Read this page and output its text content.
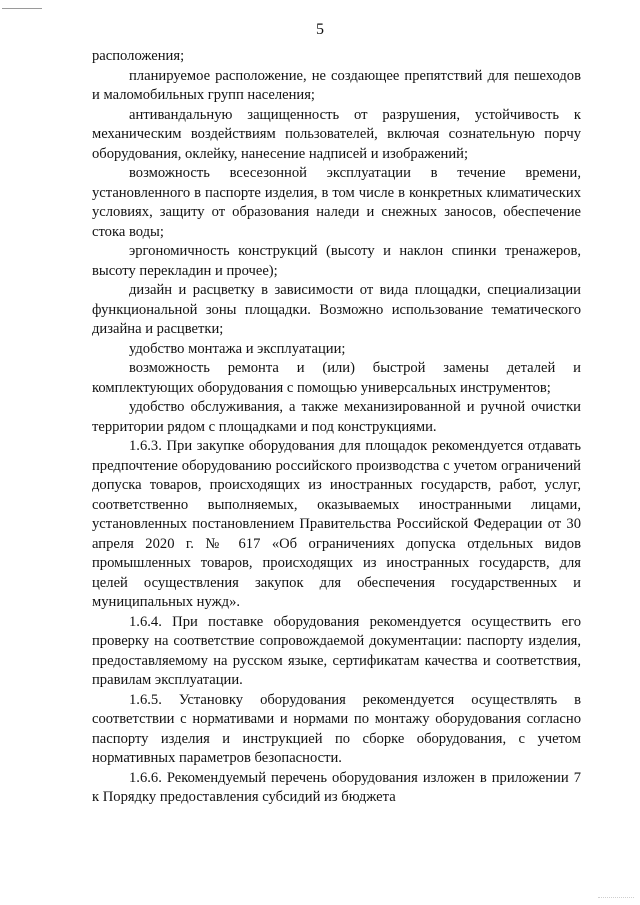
5

расположения;

планируемое расположение, не создающее препятствий для пешеходов и маломобильных групп населения;

антивандальную защищенность от разрушения, устойчивость к механическим воздействиям пользователей, включая сознательную порчу оборудования, оклейку, нанесение надписей и изображений;

возможность всесезонной эксплуатации в течение времени, установленного в паспорте изделия, в том числе в конкретных климатических условиях, защиту от образования наледи и снежных заносов, обеспечение стока воды;

эргономичность конструкций (высоту и наклон спинки тренажеров, высоту перекладин и прочее);

дизайн и расцветку в зависимости от вида площадки, специализации функциональной зоны площадки. Возможно использование тематического дизайна и расцветки;

удобство монтажа и эксплуатации;

возможность ремонта и (или) быстрой замены деталей и комплектующих оборудования с помощью универсальных инструментов;

удобство обслуживания, а также механизированной и ручной очистки территории рядом с площадками и под конструкциями.

1.6.3. При закупке оборудования для площадок рекомендуется отдавать предпочтение оборудованию российского производства с учетом ограничений допуска товаров, происходящих из иностранных государств, работ, услуг, соответственно выполняемых, оказываемых иностранными лицами, установленных постановлением Правительства Российской Федерации от 30 апреля 2020 г. № 617 «Об ограничениях допуска отдельных видов промышленных товаров, происходящих из иностранных государств, для целей осуществления закупок для обеспечения государственных и муниципальных нужд».

1.6.4. При поставке оборудования рекомендуется осуществить его проверку на соответствие сопровождаемой документации: паспорту изделия, предоставляемому на русском языке, сертификатам качества и соответствия, правилам эксплуатации.

1.6.5. Установку оборудования рекомендуется осуществлять в соответствии с нормативами и нормами по монтажу оборудования согласно паспорту изделия и инструкцией по сборке оборудования, с учетом нормативных параметров безопасности.

1.6.6. Рекомендуемый перечень оборудования изложен в приложении 7 к Порядку предоставления субсидий из бюджета
